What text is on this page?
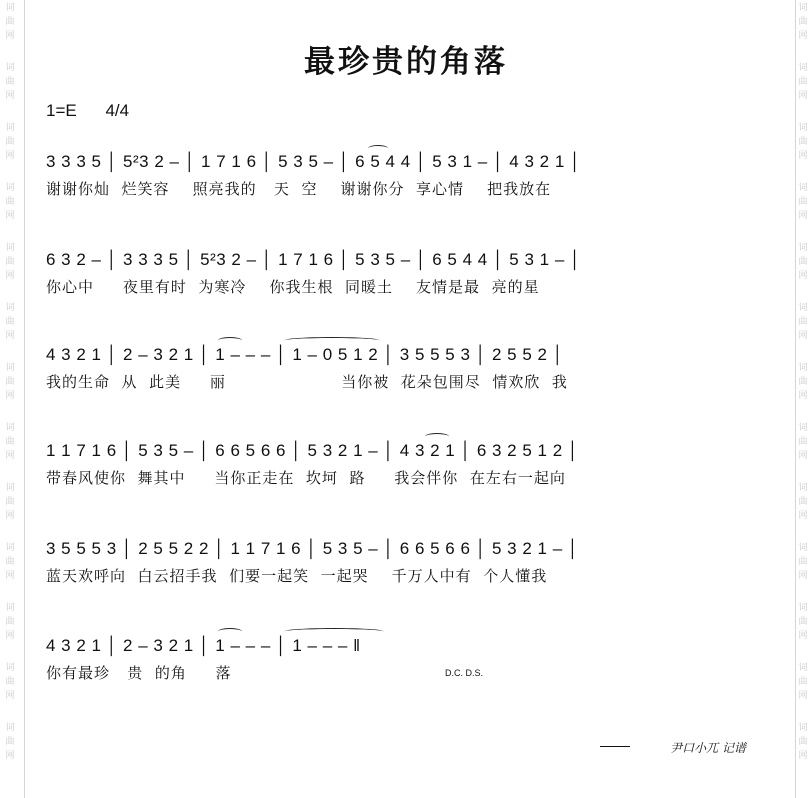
词
曲
网
词
曲
网
词
曲
网
词
曲
网
词
曲
网
词
曲
网
词
曲
网
词
曲
网
词
曲
网
词
曲
网
词
曲
网
词
曲
网
词
曲
网
词
曲
网
词
曲
网
词
曲
网
词
曲
网
词
曲
网
词
曲
网
词
曲
网
词
曲
网
词
曲
网
词
曲
网
词
曲
网
词
曲
网
词
曲
网
最珍贵的角落
1=E 4/4
3 3 3 5 │ 5²3 2 – │ 1 7 1 6 │ 5 3 5 – │ 6 5 4 4 │ 5 3 1 – │ 4 3 2 1 │
谢谢你灿  烂笑容    照亮我的   天  空    谢谢你分  享心情    把我放在
6 3 2 – │ 3 3 3 5 │ 5²3 2 – │ 1 7 1 6 │ 5 3 5 – │ 6 5 4 4 │ 5 3 1 – │
你心中     夜里有时  为寒冷    你我生根  同暖土    友情是最  亮的星
4 3 2 1 │ 2 – 3 2 1 │ 1 – – – │ 1 – 0 5 1 2 │ 3 5 5 5 3 │ 2 5 5 2 │
我的生命  从  此美     丽                    当你被  花朵包围尽  情欢欣  我
1 1 7 1 6 │ 5 3 5 – │ 6 6 5 6 6 │ 5 3 2 1 – │ 4 3 2 1 │ 6 3 2 5 1 2 │
带春风使你  舞其中     当你正走在  坎坷  路     我会伴你  在左右一起向
3 5 5 5 3 │ 2 5 5 2 2 │ 1 1 7 1 6 │ 5 3 5 – │ 6 6 5 6 6 │ 5 3 2 1 – │
蓝天欢呼向  白云招手我  们要一起笑  一起哭    千万人中有  个人懂我
4 3 2 1 │ 2 – 3 2 1 │ 1 – – – │ 1 – – – ‖
你有最珍   贵  的角     落	D.C. D.S.
尹口小兀 记谱
